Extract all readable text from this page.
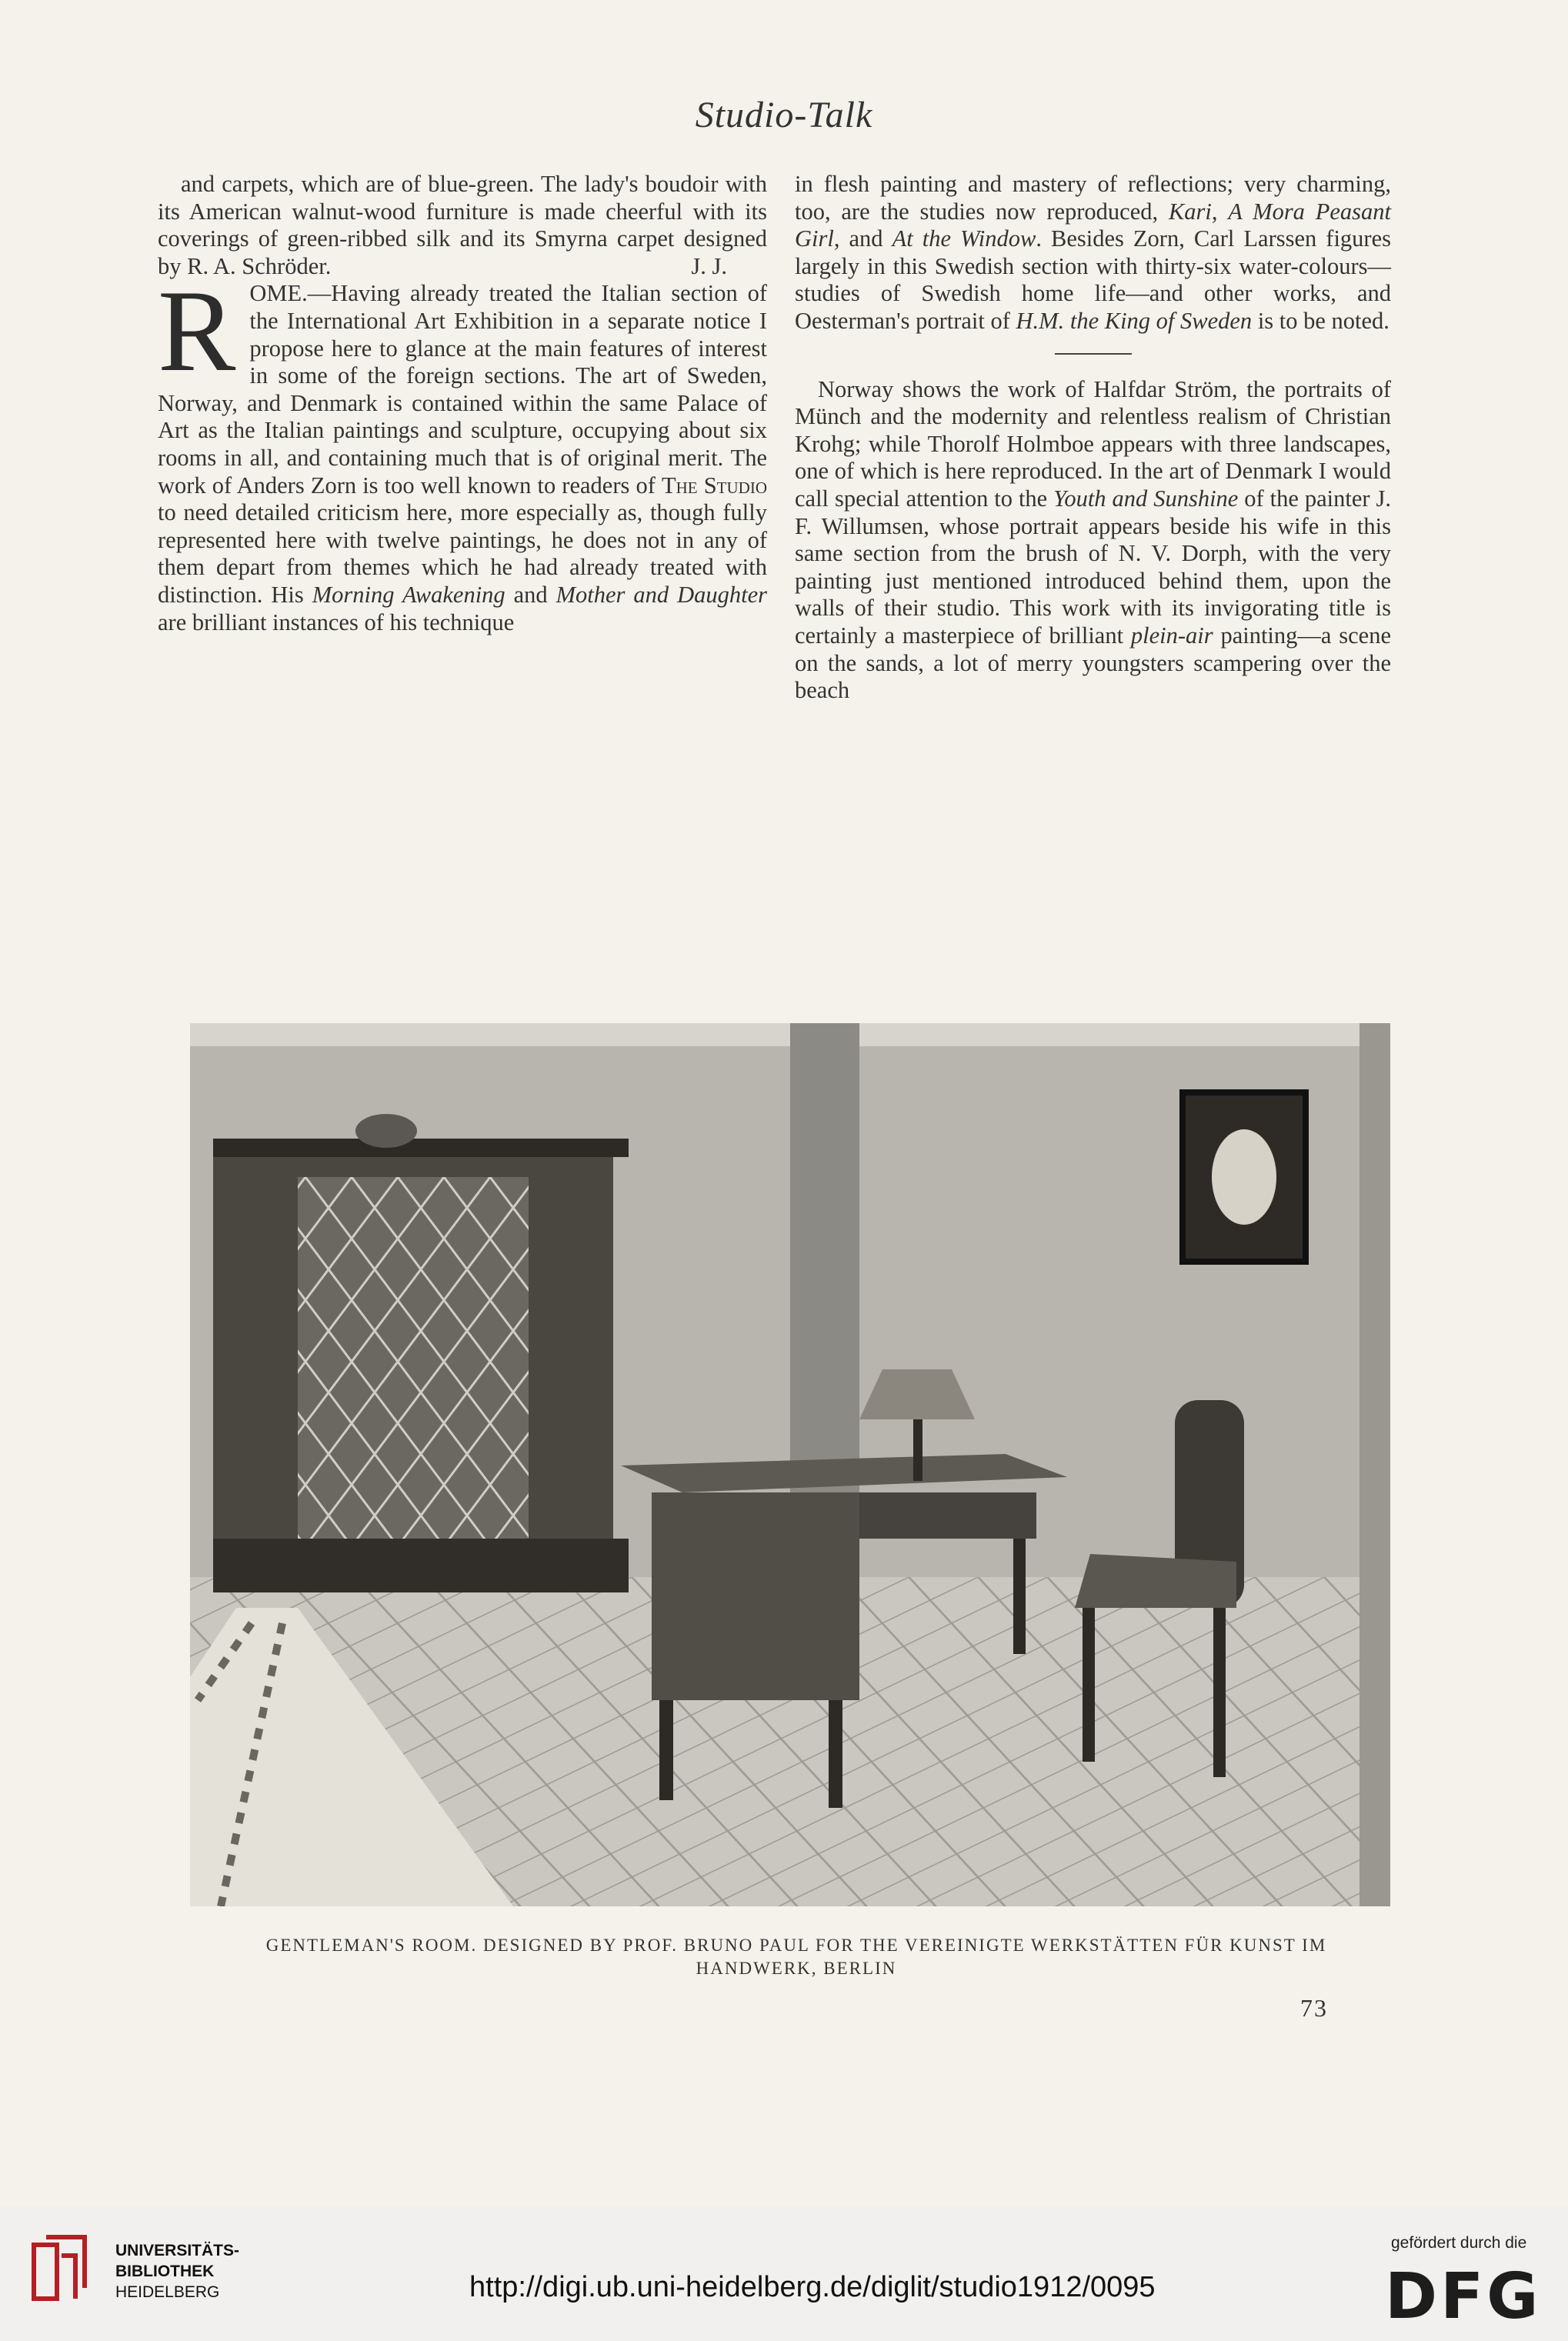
Studio-Talk

and carpets, which are of blue-green. The lady's boudoir with its American walnut-wood furniture is made cheerful with its coverings of green-ribbed silk and its Smyrna carpet designed by R. A. Schröder.	J. J.

ROME.—Having already treated the Italian section of the International Art Exhibition in a separate notice I propose here to glance at the main features of interest in some of the foreign sections. The art of Sweden, Norway, and Denmark is contained within the same Palace of Art as the Italian paintings and sculpture, occupying about six rooms in all, and containing much that is of original merit. The work of Anders Zorn is too well known to readers of The Studio to need detailed criticism here, more especially as, though fully represented here with twelve paintings, he does not in any of them depart from themes which he had already treated with distinction. His Morning Awakening and Mother and Daughter are brilliant instances of his technique

in flesh painting and mastery of reflections; very charming, too, are the studies now reproduced, Kari, A Mora Peasant Girl, and At the Window. Besides Zorn, Carl Larssen figures largely in this Swedish section with thirty-six water-colours—studies of Swedish home life—and other works, and Oesterman's portrait of H.M. the King of Sweden is to be noted.

Norway shows the work of Halfdar Ström, the portraits of Münch and the modernity and relentless realism of Christian Krohg; while Thorolf Holmboe appears with three landscapes, one of which is here reproduced. In the art of Denmark I would call special attention to the Youth and Sunshine of the painter J. F. Willumsen, whose portrait appears beside his wife in this same section from the brush of N. V. Dorph, with the very painting just mentioned introduced behind them, upon the walls of their studio. This work with its invigorating title is certainly a masterpiece of brilliant plein-air painting—a scene on the sands, a lot of merry youngsters scampering over the beach

GENTLEMAN'S ROOM. DESIGNED BY PROF. BRUNO PAUL FOR THE VEREINIGTE WERKSTÄTTEN FÜR KUNST IM
HANDWERK, BERLIN
73
UNIVERSITÄTS-
BIBLIOTHEK
HEIDELBERG	http://digi.ub.uni-heidelberg.de/diglit/studio1912/0095
gefördert durch die
DFG
